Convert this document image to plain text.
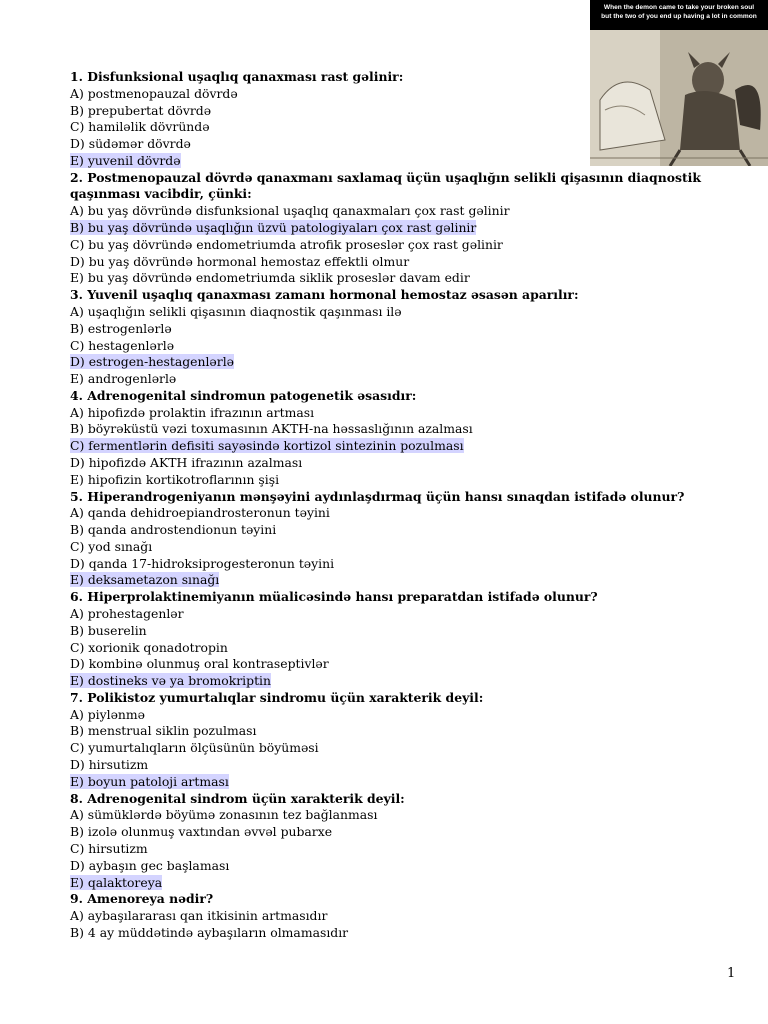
When the demon came to take your broken soul
but the two of you end up having a lot in common
1. Disfunksional uşaqlıq qanaxması rast gəlinir:
A) postmenopauzal dövrdə
B) prepubertat dövrdə
C) hamiləlik dövründə
D) südəmər dövrdə
E) yuvenil dövrdə
2. Postmenopauzal dövrdə qanaxmanı saxlamaq üçün uşaqlığın selikli qişasının diaqnostik qaşınması vacibdir, çünki:
A) bu yaş dövründə disfunksional uşaqlıq qanaxmaları çox rast gəlinir
B) bu yaş dövründə uşaqlığın üzvü patologiyaları çox rast gəlinir
C) bu yaş dövründə endometriumda atrofik proseslər çox rast gəlinir
D) bu yaş dövründə hormonal hemostaz effektli olmur
E) bu yaş dövründə endometriumda siklik proseslər davam edir
3. Yuvenil uşaqlıq qanaxması zamanı hormonal hemostaz əsasən aparılır:
A) uşaqlığın selikli qişasının diaqnostik qaşınması ilə
B) estrogenlərlə
C) hestagenlərlə
D) estrogen-hestagenlərlə
E) androgenlərlə
4. Adrenogenital sindromun patogenetik əsasıdır:
A) hipofizdə prolaktin ifrazının artması
B) böyrəküstü vəzi toxumasının AKTH-na həssaslığının azalması
C) fermentlərin defisiti sayəsində kortizol sintezinin pozulması
D) hipofizdə AKTH ifrazının azalması
E) hipofizin kortikotroflarının şişi
5. Hiperandrogeniyanın mənşəyini aydınlaşdırmaq üçün hansı sınaqdan istifadə olunur?
A) qanda dehidroepiandrosteronun təyini
B) qanda androstendionun təyini
C) yod sınağı
D) qanda 17-hidroksiprogesteronun təyini
E) deksametazon sınağı
6. Hiperprolaktinemiyanın müalicəsində hansı preparatdan istifadə olunur?
A) prohestagenlər
B) buserelin
C) xorionik qonadotropin
D) kombinə olunmuş oral kontraseptivlər
E) dostineks və ya bromokriptin
7. Polikistoz yumurtalıqlar sindromu üçün xarakterik deyil:
A) piylənmə
B) menstrual siklin pozulması
C) yumurtalıqların ölçüsünün böyüməsi
D) hirsutizm
E) boyun patoloji artması
8. Adrenogenital sindrom üçün xarakterik deyil:
A) sümüklərdə böyümə zonasının tez bağlanması
B) izolə olunmuş vaxtından əvvəl pubarxe
C) hirsutizm
D) aybaşın gec başlaması
E) qalaktoreya
9. Amenoreya nədir?
A) aybaşılararası qan itkisinin artmasıdır
B) 4 ay müddətində aybaşıların olmamasıdır
1
